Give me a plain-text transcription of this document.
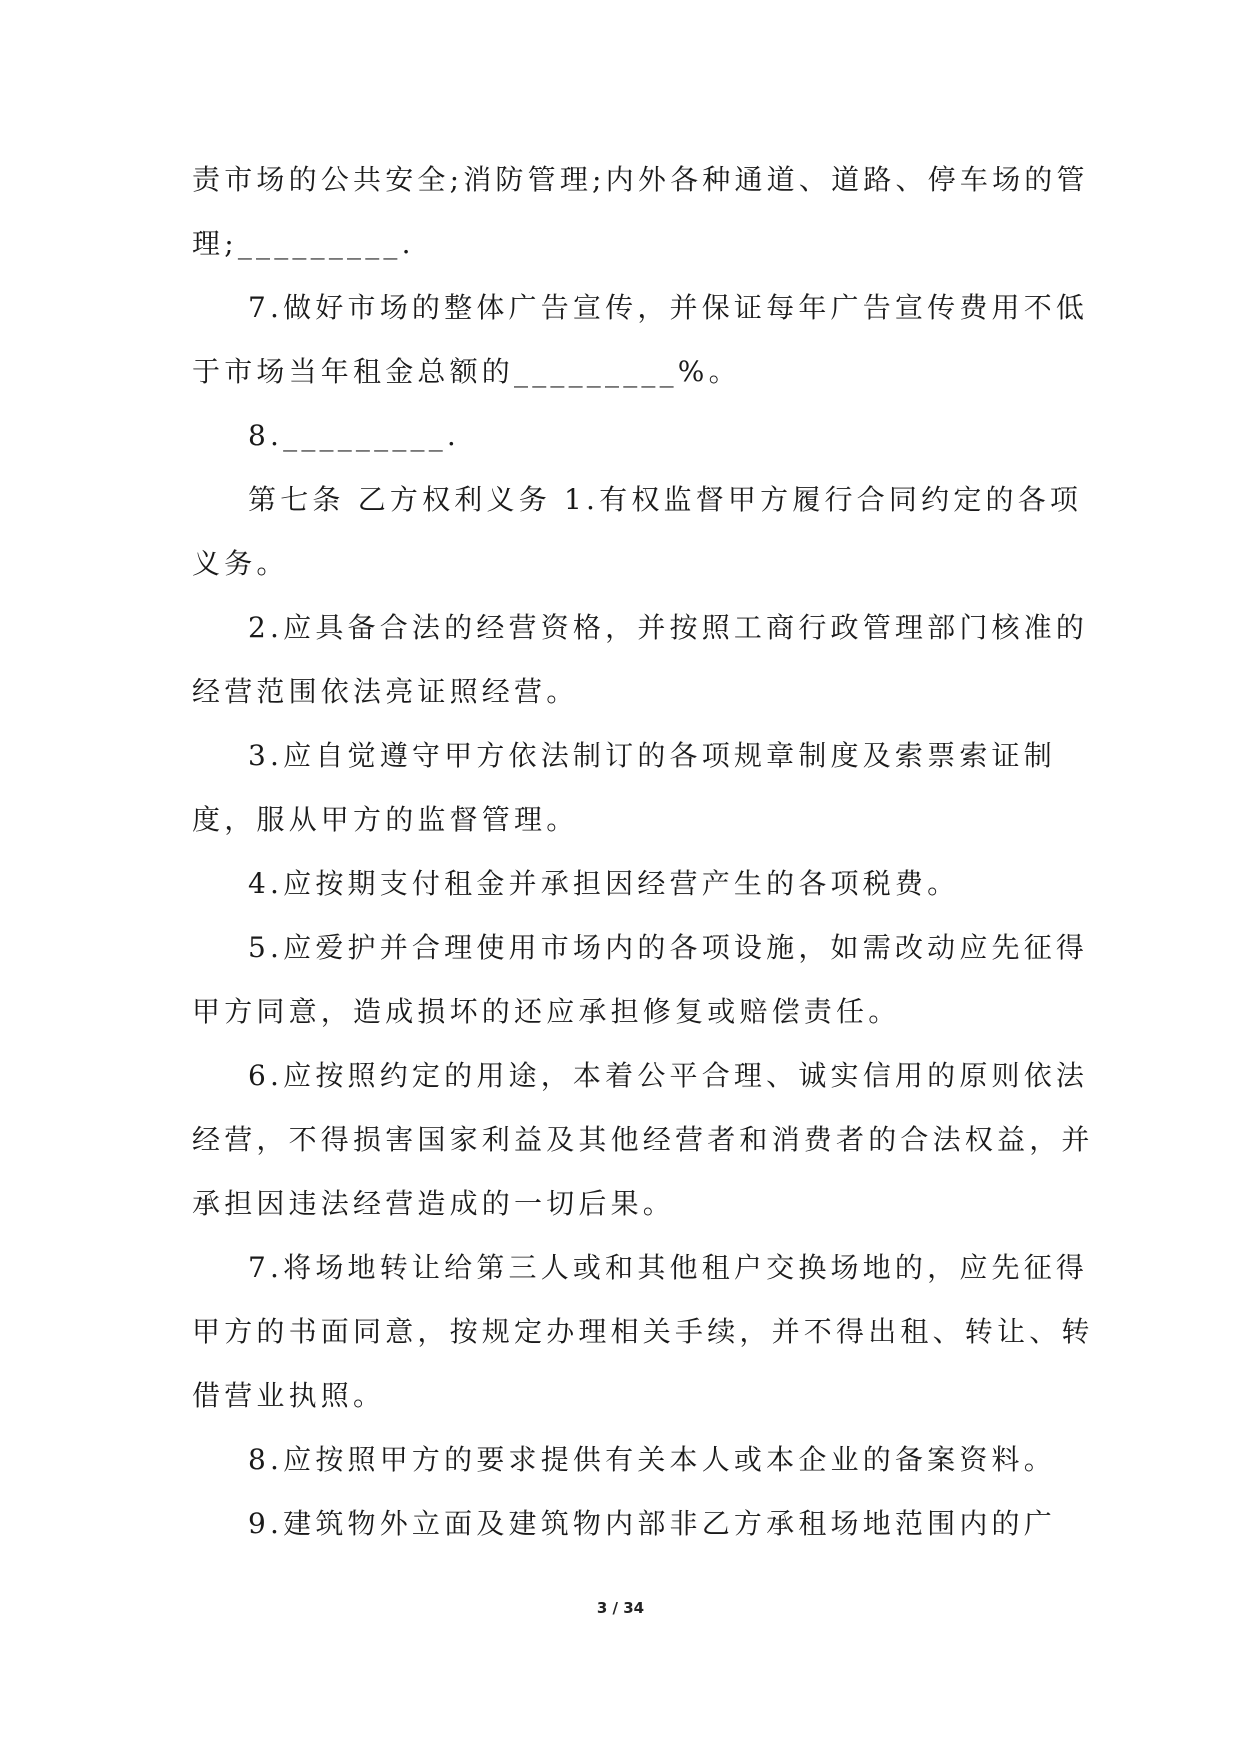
责市场的公共安全;消防管理;内外各种通道、道路、停车场的管
理;_________.
7.做好市场的整体广告宣传，并保证每年广告宣传费用不低
于市场当年租金总额的_________%。
8._________.
第七条 乙方权利义务 1.有权监督甲方履行合同约定的各项
义务。
2.应具备合法的经营资格，并按照工商行政管理部门核准的
经营范围依法亮证照经营。
3.应自觉遵守甲方依法制订的各项规章制度及索票索证制
度，服从甲方的监督管理。
4.应按期支付租金并承担因经营产生的各项税费。
5.应爱护并合理使用市场内的各项设施，如需改动应先征得
甲方同意，造成损坏的还应承担修复或赔偿责任。
6.应按照约定的用途，本着公平合理、诚实信用的原则依法
经营，不得损害国家利益及其他经营者和消费者的合法权益，并
承担因违法经营造成的一切后果。
7.将场地转让给第三人或和其他租户交换场地的，应先征得
甲方的书面同意，按规定办理相关手续，并不得出租、转让、转
借营业执照。
8.应按照甲方的要求提供有关本人或本企业的备案资料。
9.建筑物外立面及建筑物内部非乙方承租场地范围内的广
3 / 34
